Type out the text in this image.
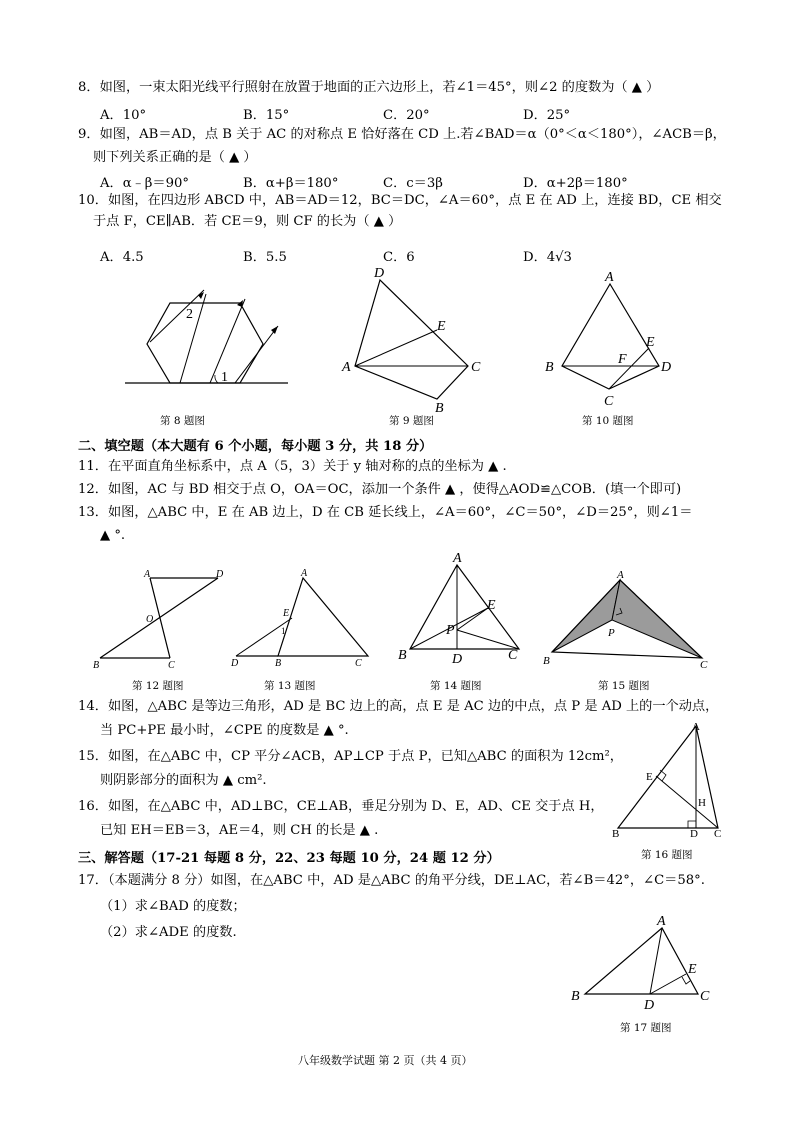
8．如图，一束太阳光线平行照射在放置于地面的正六边形上，若∠1＝45°，则∠2 的度数为（ ▲ ）
A．10°	B．15°	C．20°	D．25°
9．如图，AB＝AD，点 B 关于 AC 的对称点 E 恰好落在 CD 上.若∠BAD＝α（0°＜α＜180°），∠ACB＝β，
则下列关系正确的是（ ▲ ）
A．α﹣β＝90°	B．α+β＝180°	C．c＝3β	D．α+2β＝180°
10．如图，在四边形 ABCD 中，AB＝AD＝12，BC＝DC，∠A＝60°，点 E 在 AD 上，连接 BD，CE 相交
于点 F，CE∥AB．若 CE＝9，则 CF 的长为（ ▲ ）
A．4.5	B．5.5	C．6	D．4√3
2
1
第 8 题图
D
E
A	C
B
第 9 题图
A
E
F
B	D
C
第 10 题图
二、填空题（本大题有 6 个小题，每小题 3 分，共 18 分）
11．在平面直角坐标系中，点 A（5，3）关于 y 轴对称的点的坐标为 ▲ .
12．如图，AC 与 BD 相交于点 O，OA＝OC，添加一个条件 ▲ ，使得△AOD≌△COB．(填一个即可)
13．如图，△ABC 中，E 在 AB 边上，D 在 CB 延长线上，∠A＝60°，∠C＝50°，∠D＝25°，则∠1＝
▲ °.
A	D
O
B	C
第 12 题图
A
E
1
D	B	C
第 13 题图
A
E
P
B	D	C
第 14 题图
A
P
B	C
第 15 题图
14．如图，△ABC 是等边三角形，AD 是 BC 边上的高，点 E 是 AC 边的中点，点 P 是 AD 上的一个动点，
当 PC+PE 最小时，∠CPE 的度数是 ▲ °.
15．如图，在△ABC 中，CP 平分∠ACB，AP⊥CP 于点 P，已知△ABC 的面积为 12cm²，
则阴影部分的面积为 ▲ cm².
16．如图，在△ABC 中，AD⊥BC，CE⊥AB，垂足分别为 D、E，AD、CE 交于点 H，
已知 EH＝EB＝3，AE＝4，则 CH 的长是 ▲ .
A
E
H
B	D C
第 16 题图
三、解答题（17-21 每题 8 分，22、23 每题 10 分，24 题 12 分）
17．（本题满分 8 分）如图，在△ABC 中，AD 是△ABC 的角平分线，DE⊥AC，若∠B＝42°，∠C＝58°.
（1）求∠BAD 的度数；
（2）求∠ADE 的度数.
A
E
B
D
C
第 17 题图
八年级数学试题 第 2 页（共 4 页）
